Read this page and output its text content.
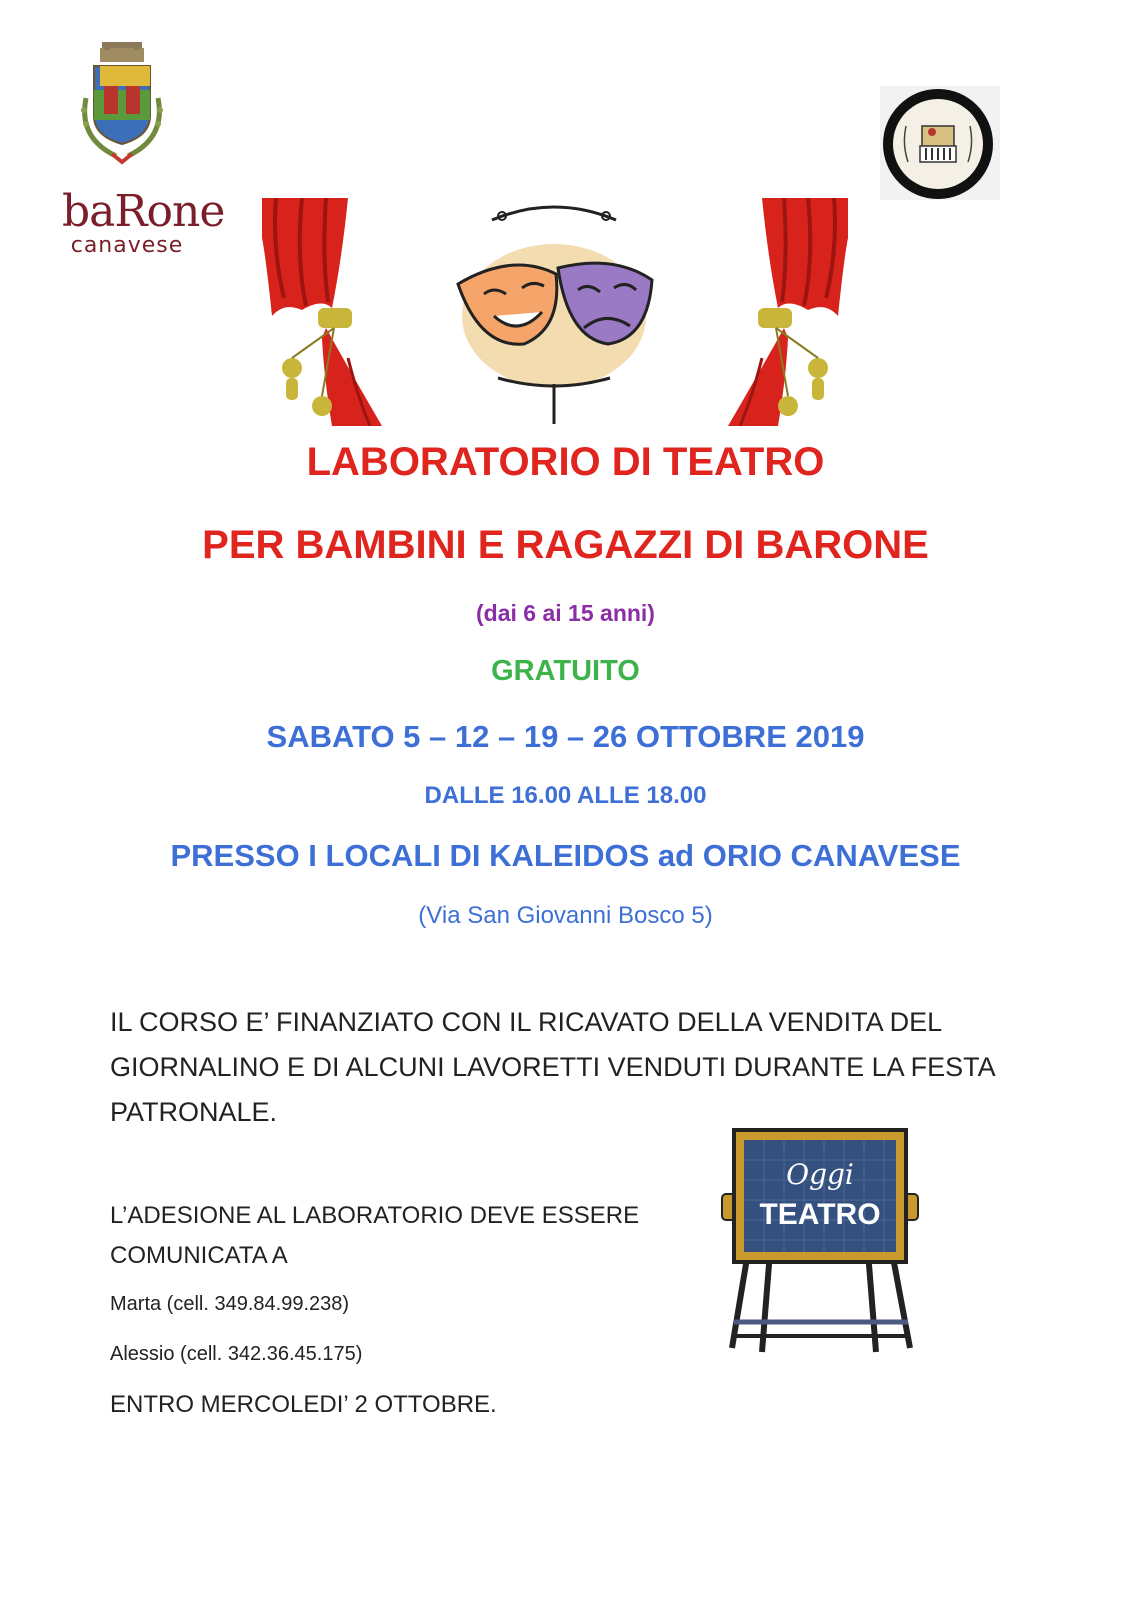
baRone
canavese
LABORATORIO DI TEATRO
PER BAMBINI E RAGAZZI DI BARONE
(dai 6 ai 15 anni)
GRATUITO
SABATO 5 – 12 – 19 – 26 OTTOBRE 2019
DALLE 16.00 ALLE 18.00
PRESSO I LOCALI DI KALEIDOS ad ORIO CANAVESE
(Via San Giovanni Bosco 5)
IL CORSO E’ FINANZIATO CON IL RICAVATO DELLA VENDITA DEL GIORNALINO E DI ALCUNI LAVORETTI VENDUTI DURANTE LA FESTA PATRONALE.
L’ADESIONE AL LABORATORIO DEVE ESSERE COMUNICATA A
Marta (cell. 349.84.99.238)
Alessio (cell. 342.36.45.175)
ENTRO MERCOLEDI’ 2 OTTOBRE.
Oggi
TEATRO
